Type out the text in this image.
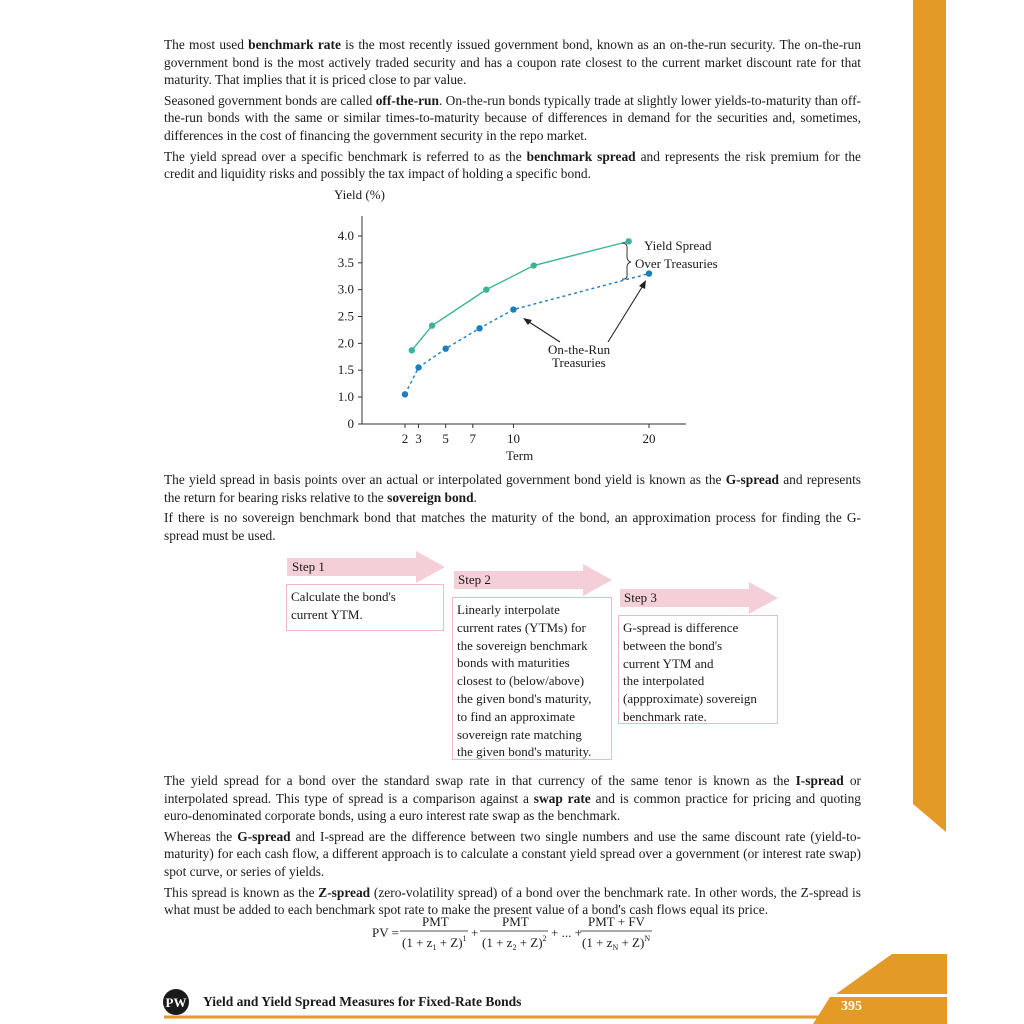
The most used benchmark rate is the most recently issued government bond, known as an on-the-run security. The on-the-run government bond is the most actively traded security and has a coupon rate closest to the current market discount rate for that maturity. That implies that it is priced close to par value.

Seasoned government bonds are called off-the-run. On-the-run bonds typically trade at slightly lower yields-to-maturity than off-the-run bonds with the same or similar times-to-maturity because of differences in demand for the securities and, sometimes, differences in the cost of financing the government security in the repo market.

The yield spread over a specific benchmark is referred to as the benchmark spread and represents the risk premium for the credit and liquidity risks and possibly the tax impact of holding a specific bond.

Yield (%)
Term
0
1.0
1.5
2.0
2.5
3.0
3.5
4.0
2 3 5 7 10	20
Yield Spread
Over Treasuries
On-the-Run
Treasuries

The yield spread in basis points over an actual or interpolated government bond yield is known as the G-spread and represents the return for bearing risks relative to the sovereign bond.

If there is no sovereign benchmark bond that matches the maturity of the bond, an approximation process for finding the G-spread must be used.

Step 1
Step 2
Step 3
Calculate the bond's
current YTM.	Linearly interpolate
current rates (YTMs) for
the sovereign benchmark
bonds with maturities
closest to (below/above)
the given bond's maturity,
to find an approximate
sovereign rate matching
the given bond's maturity.
G-spread is difference
between the bond's
current YTM and
the interpolated
(appproximate) sovereign
benchmark rate.

The yield spread for a bond over the standard swap rate in that currency of the same tenor is known as the I-spread or interpolated spread. This type of spread is a comparison against a swap rate and is common practice for pricing and quoting euro-denominated corporate bonds, using a euro interest rate swap as the benchmark.

Whereas the G-spread and I-spread are the difference between two single numbers and use the same discount rate (yield-to-maturity) for each cash flow, a different approach is to calculate a constant yield spread over a government (or interest rate swap) spot curve, or series of yields.

This spread is known as the Z-spread (zero-volatility spread) of a bond over the benchmark rate. In other words, the Z-spread is what must be added to each benchmark spot rate to make the present value of a bond's cash flows equal its price.

PV =
PMT
$(1 + z_1 + Z)^1$ +
PMT
$(1 + z_2 + Z)^2$ + ... +
PMT + FV
$(1 + z_N + Z)^N$
PW Yield and Yield Spread Measures for Fixed-Rate Bonds	395
